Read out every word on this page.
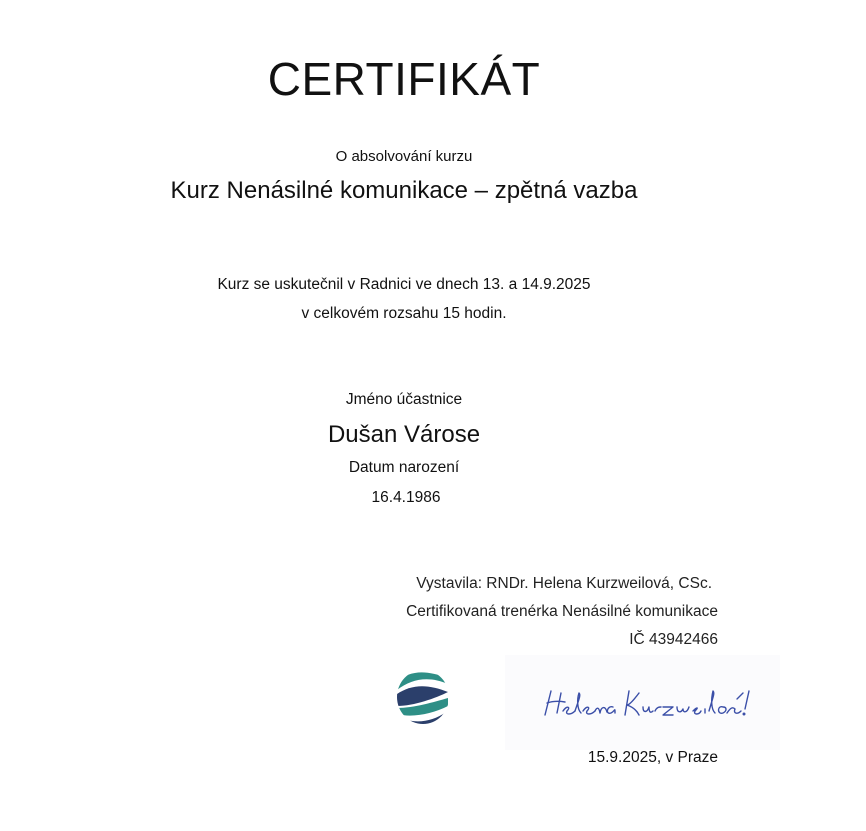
CERTIFIKÁT
O absolvování kurzu
Kurz Nenásilné komunikace – zpětná vazba
Kurz se uskutečnil v Radnici ve dnech 13. a 14.9.2025
v celkovém rozsahu 15 hodin.
Jméno účastnice
Dušan Várose
Datum narození
16.4.1986
Vystavila: RNDr. Helena Kurzweilová, CSc.
Certifikovaná trenérka Nenásilné komunikace
IČ 43942466
15.9.2025, v Praze
